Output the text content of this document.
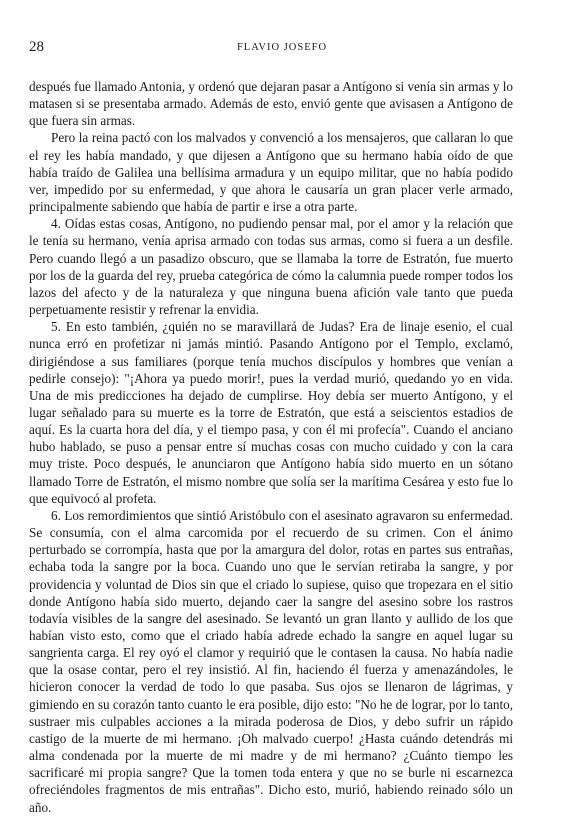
28	FLAVIO JOSEFO

después fue llamado Antonia, y ordenó que dejaran pasar a Antígono si venía sin armas y lo matasen si se presentaba armado. Además de esto, envió gente que avisasen a Antígono de que fuera sin armas.

Pero la reina pactó con los malvados y convenció a los mensajeros, que callaran lo que el rey les había mandado, y que dijesen a Antígono que su hermano había oído de que había traído de Galilea una bellísima armadura y un equipo militar, que no había podido ver, impedido por su enfermedad, y que ahora le causaría un gran placer verle armado, principalmente sabiendo que había de partir e irse a otra parte.

4. Oídas estas cosas, Antígono, no pudiendo pensar mal, por el amor y la relación que le tenía su hermano, venía aprisa armado con todas sus armas, como si fuera a un desfile. Pero cuando llegó a un pasadizo obscuro, que se llamaba la torre de Estratón, fue muerto por los de la guarda del rey, prueba categórica de cómo la calumnia puede romper todos los lazos del afecto y de la naturaleza y que ninguna buena afición vale tanto que pueda perpetuamente resistir y refrenar la envidia.

5. En esto también, ¿quién no se maravillará de Judas? Era de linaje esenio, el cual nunca erró en profetizar ni jamás mintió. Pasando Antígono por el Templo, exclamó, dirigiéndose a sus familiares (porque tenía muchos discípulos y hombres que venían a pedirle consejo): "¡Ahora ya puedo morir!, pues la verdad murió, quedando yo en vida. Una de mis predicciones ha dejado de cumplirse. Hoy debía ser muerto Antígono, y el lugar señalado para su muerte es la torre de Estratón, que está a seiscientos estadios de aquí. Es la cuarta hora del día, y el tiempo pasa, y con él mi profecía". Cuando el anciano hubo hablado, se puso a pensar entre sí muchas cosas con mucho cuidado y con la cara muy triste. Poco después, le anunciaron que Antígono había sido muerto en un sótano llamado Torre de Estratón, el mismo nombre que solía ser la marítima Cesárea y esto fue lo que equivocó al profeta.

6. Los remordimientos que sintió Aristóbulo con el asesinato agravaron su enfermedad. Se consumía, con el alma carcomida por el recuerdo de su crimen. Con el ánimo perturbado se corrompía, hasta que por la amargura del dolor, rotas en partes sus entrañas, echaba toda la sangre por la boca. Cuando uno que le servían retiraba la sangre, y por providencia y voluntad de Dios sin que el criado lo supiese, quiso que tropezara en el sitio donde Antígono había sido muerto, dejando caer la sangre del asesino sobre los rastros todavía visibles de la sangre del asesinado. Se levantó un gran llanto y aullido de los que habían visto esto, como que el criado había adrede echado la sangre en aquel lugar su sangrienta carga. El rey oyó el clamor y requirió que le contasen la causa. No había nadie que la osase contar, pero el rey insistió. Al fin, haciendo él fuerza y amenazándoles, le hicieron conocer la verdad de todo lo que pasaba. Sus ojos se llenaron de lágrimas, y gimiendo en su corazón tanto cuanto le era posible, dijo esto: "No he de lograr, por lo tanto, sustraer mis culpables acciones a la mirada poderosa de Dios, y debo sufrir un rápido castigo de la muerte de mi hermano. ¡Oh malvado cuerpo! ¿Hasta cuándo detendrás mi alma condenada por la muerte de mi madre y de mi hermano? ¿Cuánto tiempo les sacrificaré mi propia sangre? Que la tomen toda entera y que no se burle ni escarnezca ofreciéndoles fragmentos de mis entrañas". Dicho esto, murió, habiendo reinado sólo un año.
